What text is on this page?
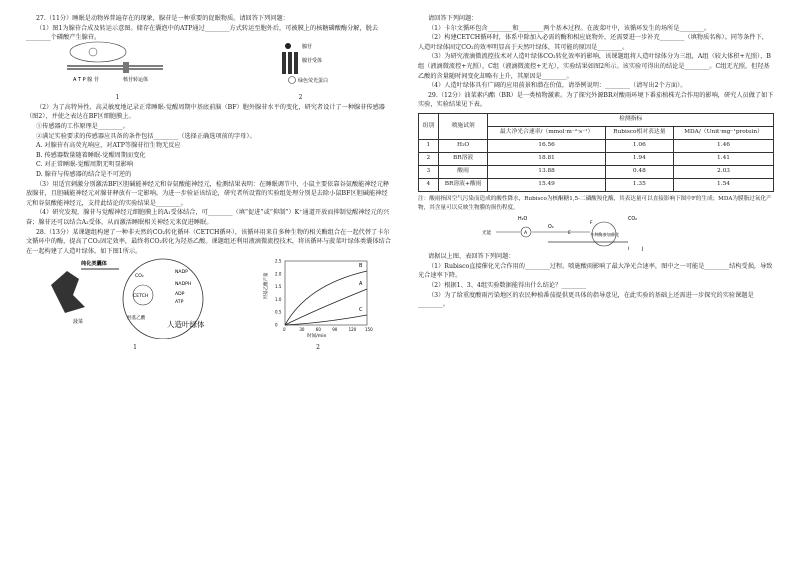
27.（11分）睡眠是动物界普遍存在的现象，腺苷是一种重要的促眠物质。请回答下列问题：

（1）图1为腺苷合成及转运示意图。储存在囊泡中的ATP通过________方式转运至胞外后，可被膜上的核糖磷酸酶分解，脱去________个磷酸产生腺苷。

核苷转运体
A T P 腺 苷
1
腺苷
腺苷受体
绿色荧光蛋白
2

（2）为了高特异性、高灵敏度地记录正常睡眠-觉醒周期中基底前脑（BF）胞外腺苷水平的变化，研究者设计了一种腺苷传感器（图2），并使之表达在BF区细胞膜上。

①传感器的工作原理是________。

②满足实验要求的传感器应具备的条件包括________（选择正确选项前的字母）。

A. 对腺苷有高荧光响应，对ATP等腺苷衍生物无反应

B. 传感器数量随着睡眠-觉醒周期而变化

C. 对正常睡眠-觉醒周期无明显影响

D. 腺苷与传感器的结合是不可逆的

（3）用适宜刺激分别激活BF区胆碱能神经元和谷氨酸能神经元，检测结果表明：在睡眠调节中，小鼠主要依靠谷氨酸能神经元释放腺苷，且胆碱能神经元对腺苷释放有一定影响。为进一步验证该结论，研究者所设置的实验组处理分别是去除小鼠BF区胆碱能神经元和谷氨酸能神经元，支持此结论的实验结果是________。

（4）研究发现，腺苷与觉醒神经元细胞膜上的A₁受体结合，可________（填“促进”或“抑制”）K⁺通道开放而抑制觉醒神经元的兴奋；腺苷还可以结合A₂受体，从而激活睡眠相关神经元来促进睡眠。

28.（13分）某课题组构建了一种非天然的CO₂转化循环（CETCH循环），该循环用来自多种生物的相关酶组合在一起代替了卡尔文循环中的酶，提高了CO₂固定效率，最终将CO₂转化为羟基乙酸。课题组还利用液滴微流控技术，将该循环与菠菜叶绿体类囊体结合在一起构建了人造叶绿体，如下图1所示。

菠菜
纯化类囊体
NADP
NADPH
ADP
ATP
CO₂
CETCH
羟基乙酸
人造叶绿体
1
羟基乙酸产量
时间/min
0	30	60	90	120 150
0
0.5
1.0
1.5
2.0
2.5
A
B
C
2

请回答下列问题：

（1）卡尔文循环包含________和________两个基本过程。在菠菜叶中，该循环发生的场所是________。

（2）构建CETCH循环时，体系中除加入必需的酶和相应底物外，还需要进一步补充________（填物质名称）。同等条件下，人造叶绿体固定CO₂的效率明显高于天然叶绿体，其可能的原因是________。

（3）为研究液滴微流控技术对人造叶绿体CO₂转化效率的影响，该课题组将人造叶绿体分为三组，A组（较大体积+光照），B组（液滴微流控+光照），C组（液滴微流控+无光），实验结果如图2所示。该实验可得出的结论是________。C组无光照，但羟基乙酸的含量随时间变化却略有上升，其原因是________。

（4）人造叶绿体具有广阔的应用前景和潜在价值，请举例说明：________（请写出2个方面）。

29.（12分）油菜素内酯（BR）是一类植物激素。为了探究外源BR对酸雨环境下番茄植株光合作用的影响，研究人员做了如下实验，实验结果见下表。

组别	喷施试剂	检测指标		
		最大净光合速率/（mmol·m⁻²·s⁻¹）	Rubisco相对表达量	MDA/（Unit·mg⁻¹protein）
1	H₂O	16.56	1.06	1.46
2	BR溶液	18.81	1.94	1.41
3	酸雨	13.88	0.48	2.03
4	BR溶液+酸雨	15.49	1.35	1.54

注：酸雨指因空气污染而造成的酸性降水，Rubisco为核酮糖1,5-二磷酸羧化酶，其表达量可以直接影响下图中F的生成；MDA为膜脂过氧化产物，其含量可以反映生物膜的损伤程度。

H₂O
O₂
CO₂
A	E
F
多种酶参加催化
光能
I	J

请据以上图、表回答下列问题：

（1）Rubisco直接催化光合作用的________过程。喷施酸雨影响了最大净光合速率，图中之一可能是________结构受损，导致光合速率下降。

（2）根据1、3、4组实验数据能得出什么结论？________

（3）为了给重度酸雨污染地区的农民种植番茄提供更具体的指导意见，在此实验的基础上还需进一步探究的实验课题是________。
